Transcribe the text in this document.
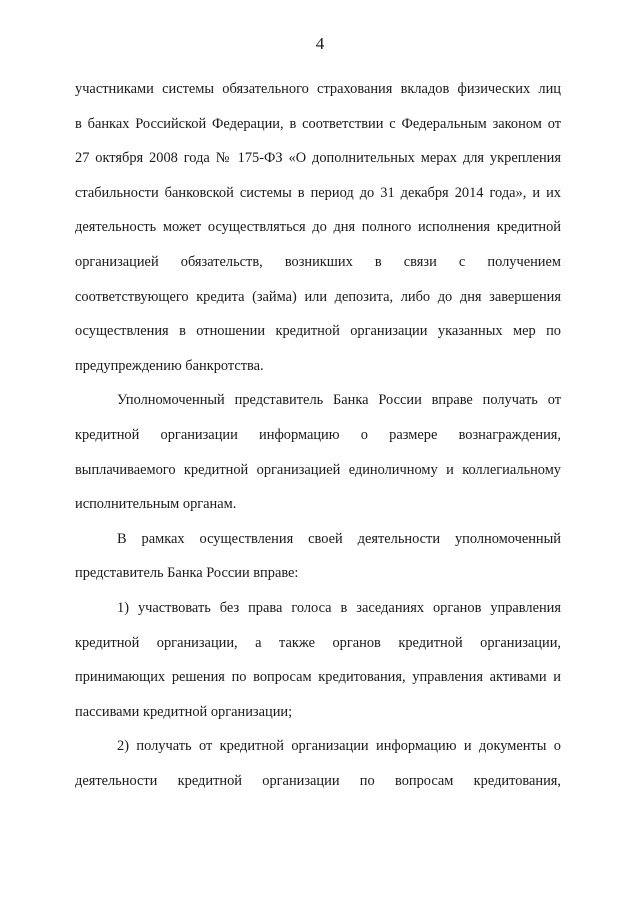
4
участниками системы обязательного страхования вкладов физических лиц
в банках Российской Федерации, в соответствии с Федеральным законом от
27 октября 2008 года № 175-ФЗ «О дополнительных мерах для укрепления
стабильности банковской системы в период до 31 декабря 2014 года», и их
деятельность может осуществляться до дня полного исполнения кредитной
организацией обязательств, возникших в связи с получением
соответствующего кредита (займа) или депозита, либо до дня завершения
осуществления в отношении кредитной организации указанных мер по
предупреждению банкротства.
Уполномоченный представитель Банка России вправе получать от
кредитной организации информацию о размере вознаграждения,
выплачиваемого кредитной организацией единоличному и коллегиальному
исполнительным органам.
В рамках осуществления своей деятельности уполномоченный
представитель Банка России вправе:
1) участвовать без права голоса в заседаниях органов управления
кредитной организации, а также органов кредитной организации,
принимающих решения по вопросам кредитования, управления активами и
пассивами кредитной организации;
2) получать от кредитной организации информацию и документы о
деятельности кредитной организации по вопросам кредитования,
